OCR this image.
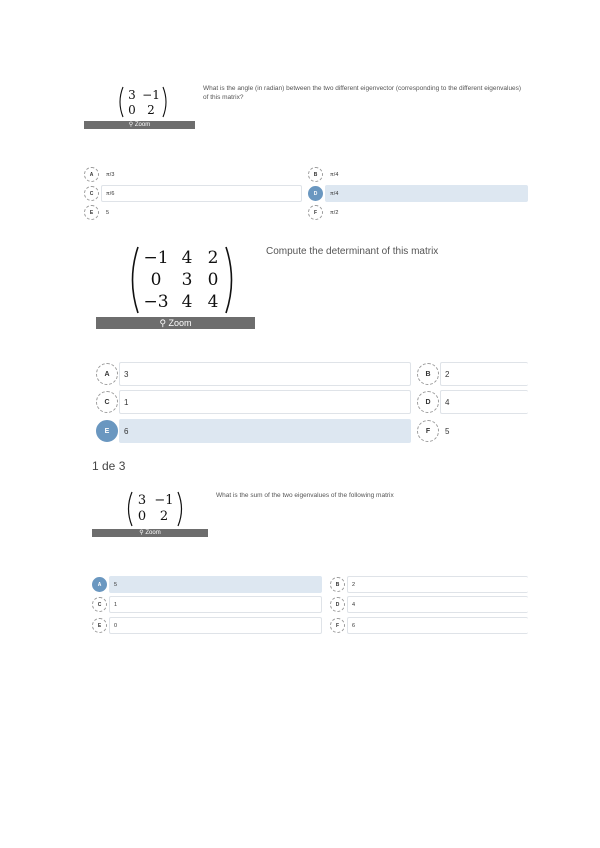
3 −1
0 2
⚲ Zoom
What is the angle (in radian) between the two different eigenvector (corresponding to the different eigenvalues) of this matrix?
A	π/3	B	π/4
C	π/6	D	π/4
E	5	F	π/2
−1 4 2
0	3 0
−3 4 4
⚲ Zoom
Compute the determinant of this matrix
A	3	B	2
C	1	D	4
E	6	F	5
1 de 3
3 −1
0	2
⚲ Zoom
What is the sum of the two eigenvalues of the following matrix
A	5	B	2
C	1	D	4
E	0	F	6
